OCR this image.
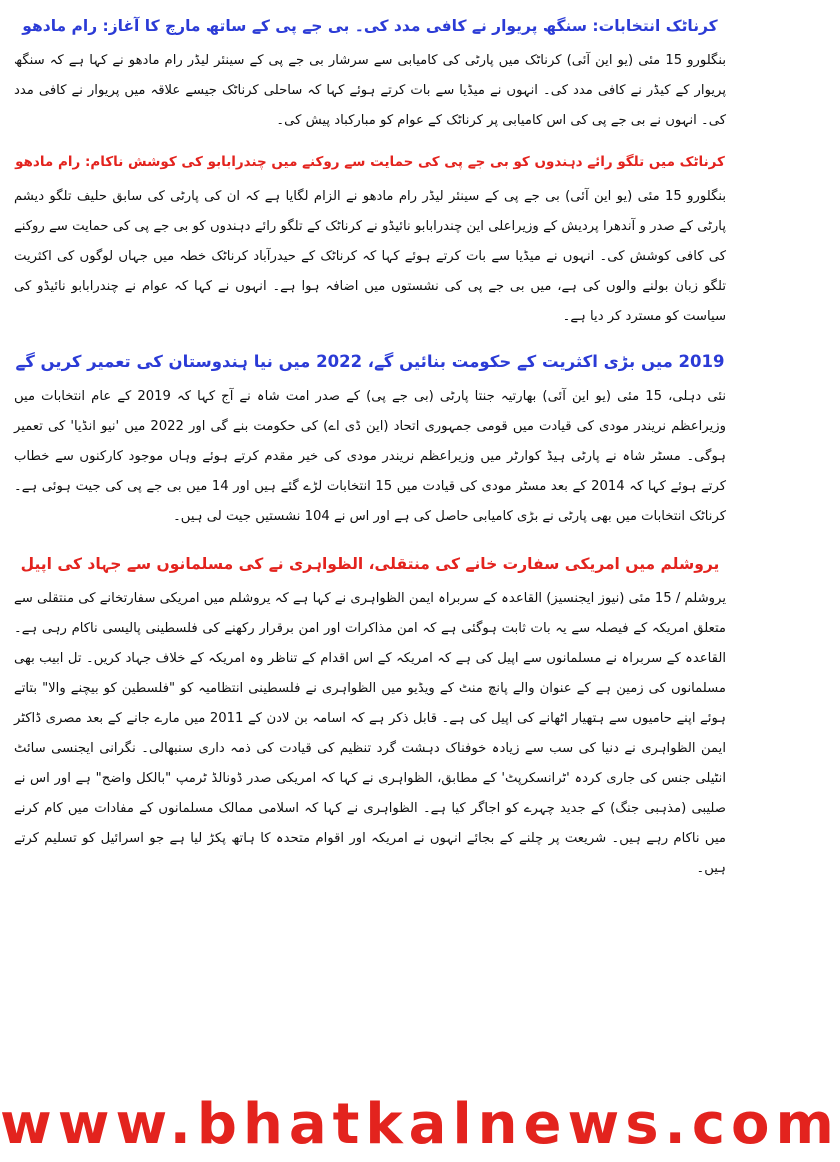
کرناٹک انتخابات: سنگھ پریوار نے کافی مدد کی۔ بی جے پی کے ساتھ مارچ کا آغاز: رام مادھو

بنگلورو 15 مئی (یو این آئی) کرناٹک میں پارٹی کی کامیابی سے سرشار بی جے پی کے سینئر لیڈر رام مادھو نے کہا ہے کہ سنگھ پریوار کے کیڈر نے کافی مدد کی۔ انہوں نے میڈیا سے بات کرتے ہوئے کہا کہ ساحلی کرناٹک جیسے علاقہ میں پریوار نے کافی مدد کی۔ انہوں نے بی جے پی کی اس کامیابی پر کرناٹک کے عوام کو مبارکباد پیش کی۔

کرناٹک میں تلگو رائے دہندوں کو بی جے پی کی حمایت سے روکنے میں چندرابابو کی کوشش ناکام: رام مادھو

بنگلورو 15 مئی (یو این آئی) بی جے پی کے سینئر لیڈر رام مادھو نے الزام لگایا ہے کہ ان کی پارٹی کی سابق حلیف تلگو دیشم پارٹی کے صدر و آندھرا پردیش کے وزیراعلی این چندرابابو نائیڈو نے کرناٹک کے تلگو رائے دہندوں کو بی جے پی کی حمایت سے روکنے کی کافی کوشش کی۔ انہوں نے میڈیا سے بات کرتے ہوئے کہا کہ کرناٹک کے حیدرآباد کرناٹک خطہ میں جہاں لوگوں کی اکثریت تلگو زبان بولنے والوں کی ہے، میں بی جے پی کی نشستوں میں اضافہ ہوا ہے۔ انہوں نے کہا کہ عوام نے چندرابابو نائیڈو کی سیاست کو مسترد کر دیا ہے۔

2019 میں بڑی اکثریت کے حکومت بنائیں گے، 2022 میں نیا ہندوستان کی تعمیر کریں گے

نئی دہلی، 15 مئی (یو این آئی) بھارتیہ جنتا پارٹی (بی جے پی) کے صدر امت شاہ نے آج کہا کہ 2019 کے عام انتخابات میں وزیراعظم نریندر مودی کی قیادت میں قومی جمہوری اتحاد (این ڈی اے) کی حکومت بنے گی اور 2022 میں 'نیو انڈیا' کی تعمیر ہوگی۔ مسٹر شاہ نے پارٹی ہیڈ کوارٹر میں وزیراعظم نریندر مودی کی خیر مقدم کرتے ہوئے وہاں موجود کارکنوں سے خطاب کرتے ہوئے کہا کہ 2014 کے بعد مسٹر مودی کی قیادت میں 15 انتخابات لڑے گئے ہیں اور 14 میں بی جے پی کی جیت ہوئی ہے۔ کرناٹک انتخابات میں بھی پارٹی نے بڑی کامیابی حاصل کی ہے اور اس نے 104 نشستیں جیت لی ہیں۔

یروشلم میں امریکی سفارت خانے کی منتقلی، الظواہری نے کی مسلمانوں سے جہاد کی اپیل

یروشلم / 15 مئی (نیوز ایجنسیز) القاعدہ کے سربراہ ایمن الظواہری نے کہا ہے کہ یروشلم میں امریکی سفارتخانے کی منتقلی سے متعلق امریکہ کے فیصلہ سے یہ بات ثابت ہوگئی ہے کہ امن مذاکرات اور امن برقرار رکھنے کی فلسطینی پالیسی ناکام رہی ہے۔ القاعدہ کے سربراہ نے مسلمانوں سے اپیل کی ہے کہ امریکہ کے اس اقدام کے تناظر وہ امریکہ کے خلاف جہاد کریں۔ تل ابیب بھی مسلمانوں کی زمین ہے کے عنوان والے پانچ منٹ کے ویڈیو میں الظواہری نے فلسطینی انتظامیہ کو "فلسطین کو بیچنے والا" بتاتے ہوئے اپنے حامیوں سے ہتھیار اٹھانے کی اپیل کی ہے۔ قابل ذکر ہے کہ اسامہ بن لادن کے 2011 میں مارے جانے کے بعد مصری ڈاکٹر ایمن الظواہری نے دنیا کی سب سے زیادہ خوفناک دہشت گرد تنظیم کی قیادت کی ذمہ داری سنبھالی۔ نگرانی ایجنسی سائٹ انٹیلی جنس کی جاری کردہ 'ٹرانسکرپٹ' کے مطابق، الظواہری نے کہا کہ امریکی صدر ڈونالڈ ٹرمپ "بالکل واضح" ہے اور اس نے صلیبی (مذہبی جنگ) کے جدید چہرے کو اجاگر کیا ہے۔ الظواہری نے کہا کہ اسلامی ممالک مسلمانوں کے مفادات میں کام کرنے میں ناکام رہے ہیں۔ شریعت پر چلنے کے بجائے انہوں نے امریکہ اور اقوام متحدہ کا ہاتھ پکڑ لیا ہے جو اسرائیل کو تسلیم کرتے ہیں۔

www.bhatkalnews.com
